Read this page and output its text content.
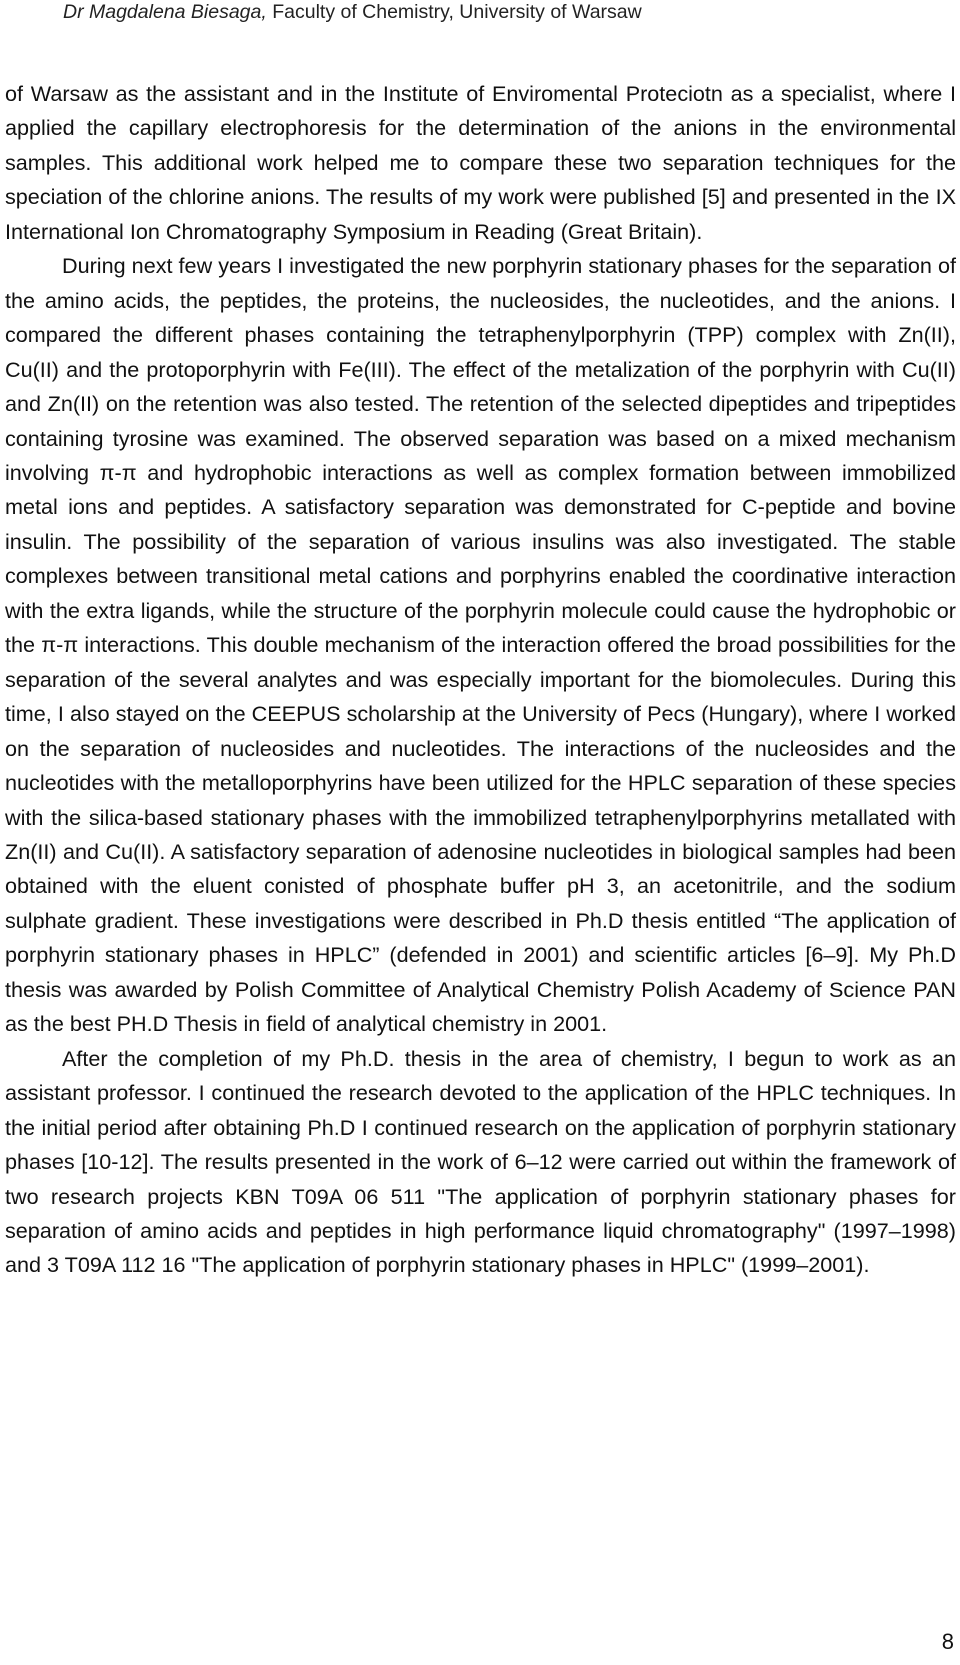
Dr Magdalena Biesaga, Faculty of Chemistry, University of Warsaw

of Warsaw as the assistant and in the Institute of Enviromental Proteciotn as a specialist, where I applied the capillary electrophoresis for the determination of the anions in the environmental samples. This additional work helped me to compare these two separation techniques for the speciation of the chlorine anions. The results of my work were published [5] and presented in the IX International Ion Chromatography Symposium in Reading (Great Britain).

During next few years I investigated the new porphyrin stationary phases for the separation of the amino acids, the peptides, the proteins, the nucleosides, the nucleotides, and the anions. I compared the different phases containing the tetraphenylporphyrin (TPP) complex with Zn(II), Cu(II) and the protoporphyrin with Fe(III). The effect of the metalization of the porphyrin with Cu(II) and Zn(II) on the retention was also tested. The retention of the selected dipeptides and tripeptides containing tyrosine was examined. The observed separation was based on a mixed mechanism involving π-π and hydrophobic interactions as well as complex formation between immobilized metal ions and peptides. A satisfactory separation was demonstrated for C-peptide and bovine insulin. The possibility of the separation of various insulins was also investigated. The stable complexes between transitional metal cations and porphyrins enabled the coordinative interaction with the extra ligands, while the structure of the porphyrin molecule could cause the hydrophobic or the π-π interactions. This double mechanism of the interaction offered the broad possibilities for the separation of the several analytes and was especially important for the biomolecules. During this time, I also stayed on the CEEPUS scholarship at the University of Pecs (Hungary), where I worked on the separation of nucleosides and nucleotides. The interactions of the nucleosides and the nucleotides with the metalloporphyrins have been utilized for the HPLC separation of these species with the silica-based stationary phases with the immobilized tetraphenylporphyrins metallated with Zn(II) and Cu(II). A satisfactory separation of adenosine nucleotides in biological samples had been obtained with the eluent conisted of phosphate buffer pH 3, an acetonitrile, and the sodium sulphate gradient. These investigations were described in Ph.D thesis entitled “The application of porphyrin stationary phases in HPLC” (defended in 2001) and scientific articles [6–9]. My Ph.D thesis was awarded by Polish Committee of Analytical Chemistry Polish Academy of Science PAN as the best PH.D Thesis in field of analytical chemistry in 2001.

After the completion of my Ph.D. thesis in the area of chemistry, I begun to work as an assistant professor. I continued the research devoted to the application of the HPLC techniques. In the initial period after obtaining Ph.D I continued research on the application of porphyrin stationary phases [10-12]. The results presented in the work of 6–12 were carried out within the framework of two research projects KBN T09A 06 511 "The application of porphyrin stationary phases for separation of amino acids and peptides in high performance liquid chromatography" (1997–1998) and 3 T09A 112 16 "The application of porphyrin stationary phases in HPLC" (1999–2001).

8
